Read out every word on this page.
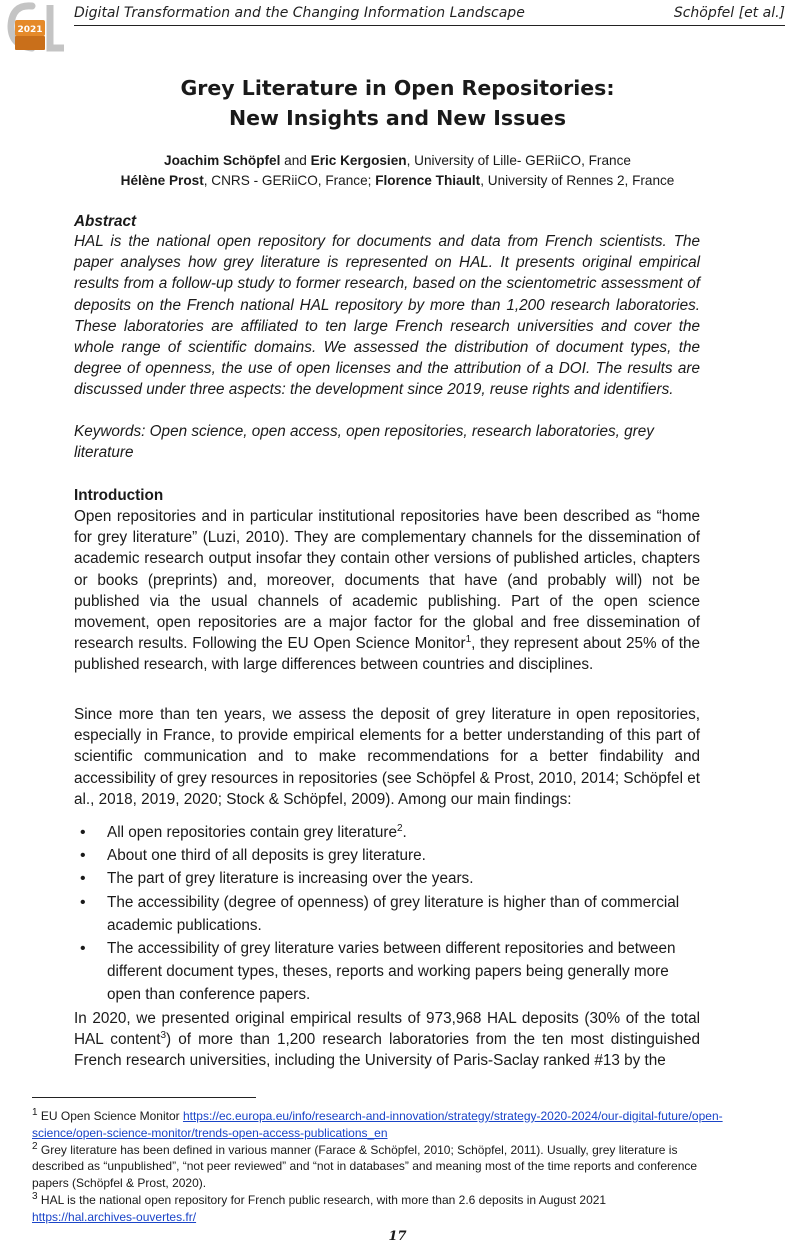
2021
Digital Transformation and the Changing Information Landscape	Schöpfel [et al.]
Grey Literature in Open Repositories:
New Insights and New Issues
Joachim Schöpfel and Eric Kergosien, University of Lille- GERiiCO, France
Hélène Prost, CNRS - GERiiCO, France; Florence Thiault, University of Rennes 2, France
Abstract
HAL is the national open repository for documents and data from French scientists. The paper analyses how grey literature is represented on HAL. It presents original empirical results from a follow-up study to former research, based on the scientometric assessment of deposits on the French national HAL repository by more than 1,200 research laboratories. These laboratories are affiliated to ten large French research universities and cover the whole range of scientific domains. We assessed the distribution of document types, the degree of openness, the use of open licenses and the attribution of a DOI. The results are discussed under three aspects: the development since 2019, reuse rights and identifiers.
Keywords: Open science, open access, open repositories, research laboratories, grey literature
Introduction
Open repositories and in particular institutional repositories have been described as “home for grey literature” (Luzi, 2010). They are complementary channels for the dissemination of academic research output insofar they contain other versions of published articles, chapters or books (preprints) and, moreover, documents that have (and probably will) not be published via the usual channels of academic publishing. Part of the open science movement, open repositories are a major factor for the global and free dissemination of research results. Following the EU Open Science Monitor$^1$, they represent about 25% of the published research, with large differences between countries and disciplines.
Since more than ten years, we assess the deposit of grey literature in open repositories, especially in France, to provide empirical elements for a better understanding of this part of scientific communication and to make recommendations for a better findability and accessibility of grey resources in repositories (see Schöpfel & Prost, 2010, 2014; Schöpfel et al., 2018, 2019, 2020; Stock & Schöpfel, 2009). Among our main findings:
• All open repositories contain grey literature$^2$.
• About one third of all deposits is grey literature.
• The part of grey literature is increasing over the years.
• The accessibility (degree of openness) of grey literature is higher than of commercial academic publications.
• The accessibility of grey literature varies between different repositories and between different document types, theses, reports and working papers being generally more open than conference papers.
In 2020, we presented original empirical results of 973,968 HAL deposits (30% of the total HAL content$^3$) of more than 1,200 research laboratories from the ten most distinguished French research universities, including the University of Paris-Saclay ranked #13 by the
$^1$ EU Open Science Monitor https://ec.europa.eu/info/research-and-innovation/strategy/strategy-2020-2024/our-digital-future/open-science/open-science-monitor/trends-open-access-publications_en
$^2$ Grey literature has been defined in various manner (Farace & Schöpfel, 2010; Schöpfel, 2011). Usually, grey literature is described as “unpublished”, “not peer reviewed” and “not in databases” and meaning most of the time reports and conference papers (Schöpfel & Prost, 2020).
$^3$ HAL is the national open repository for French public research, with more than 2.6 deposits in August 2021
https://hal.archives-ouvertes.fr/
17
